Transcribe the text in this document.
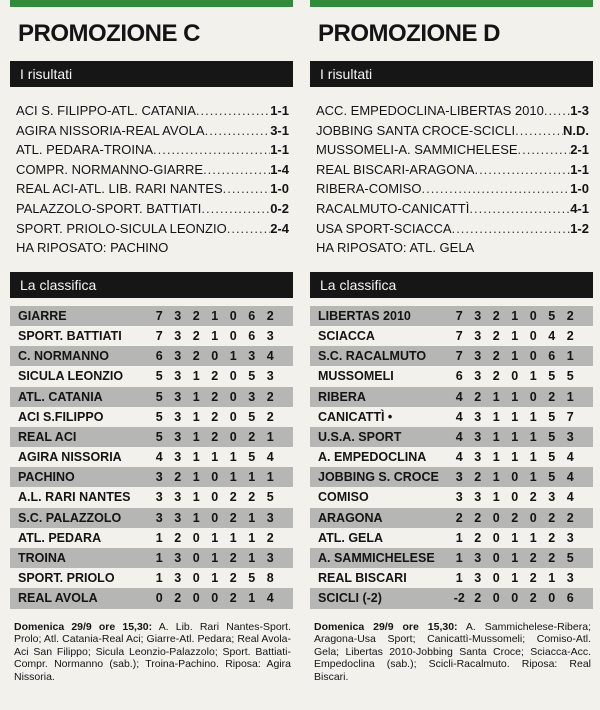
PROMOZIONE C
I risultati
ACI S. FILIPPO-ATL. CATANIA .....	1-1
AGIRA NISSORIA-REAL AVOLA .....	3-1
ATL. PEDARA-TROINA .....	1-1
COMPR. NORMANNO-GIARRE .....	1-4
REAL ACI-ATL. LIB. RARI NANTES .....	1-0
PALAZZOLO-SPORT. BATTIATI .....	0-2
SPORT. PRIOLO-SICULA LEONZIO .....	2-4
HA RIPOSATO: PACHINO
La classifica
GIARRE	7 3 2 1 0 6 2
SPORT. BATTIATI	7 3 2 1 0 6 3
C. NORMANNO	6 3 2 0 1 3 4
SICULA LEONZIO	5 3 1 2 0 5 3
ATL. CATANIA	5 3 1 2 0 3 2
ACI S.FILIPPO	5 3 1 2 0 5 2
REAL ACI	5 3 1 2 0 2 1
AGIRA NISSORIA	4 3 1 1 1 5 4
PACHINO	3 2 1 0 1 1 1
A.L. RARI NANTES	3 3 1 0 2 2 5
S.C. PALAZZOLO	3 3 1 0 2 1 3
ATL. PEDARA	1 2 0 1 1 1 2
TROINA	1 3 0 1 2 1 3
SPORT. PRIOLO	1 3 0 1 2 5 8
REAL AVOLA	0 2 0 0 2 1 4
Domenica 29/9 ore 15,30: A. Lib. Rari Nantes-Sport. Prolo; Atl. Catania-Real Aci; Giarre-Atl. Pedara; Real Avola-Aci San Filippo; Sicula Leonzio-Palazzolo; Sport. Battiati-Compr. Normanno (sab.); Troina-Pachino. Riposa: Agira Nissoria.
PROMOZIONE D
I risultati
ACC. EMPEDOCLINA-LIBERTAS 2010 ..... 1-3
JOBBING SANTA CROCE-SCICLI .....	N.D.
MUSSOMELI-A. SAMMICHELESE .....	2-1
REAL BISCARI-ARAGONA .....	1-1
RIBERA-COMISO .....	1-0
RACALMUTO-CANICATTÌ .....	4-1
USA SPORT-SCIACCA .....	1-2
HA RIPOSATO: ATL. GELA
La classifica
LIBERTAS 2010	7 3 2 1 0 5 2
SCIACCA	7 3 2 1 0 4 2
S.C. RACALMUTO	7 3 2 1 0 6 1
MUSSOMELI	6 3 2 0 1 5 5
RIBERA	4 2 1 1 0 2 1
CANICATTÌ •	4 3 1 1 1 5 7
U.S.A. SPORT	4 3 1 1 1 5 3
A. EMPEDOCLINA	4 3 1 1 1 5 4
JOBBING S. CROCE	3 2 1 0 1 5 4
COMISO	3 3 1 0 2 3 4
ARAGONA	2 2 0 2 0 2 2
ATL. GELA	1 2 0 1 1 2 3
A. SAMMICHELESE	1 3 0 1 2 2 5
REAL BISCARI	1 3 0 1 2 1 3
SCICLI (-2)	-2 2 0 0 2 0 6
Domenica 29/9 ore 15,30: A. Sammichelese-Ribera; Aragona-Usa Sport; Canicattì-Mussomeli; Comiso-Atl. Gela; Libertas 2010-Jobbing Santa Croce; Sciacca-Acc. Empedoclina (sab.); Scicli-Racalmuto. Riposa: Real Biscari.
